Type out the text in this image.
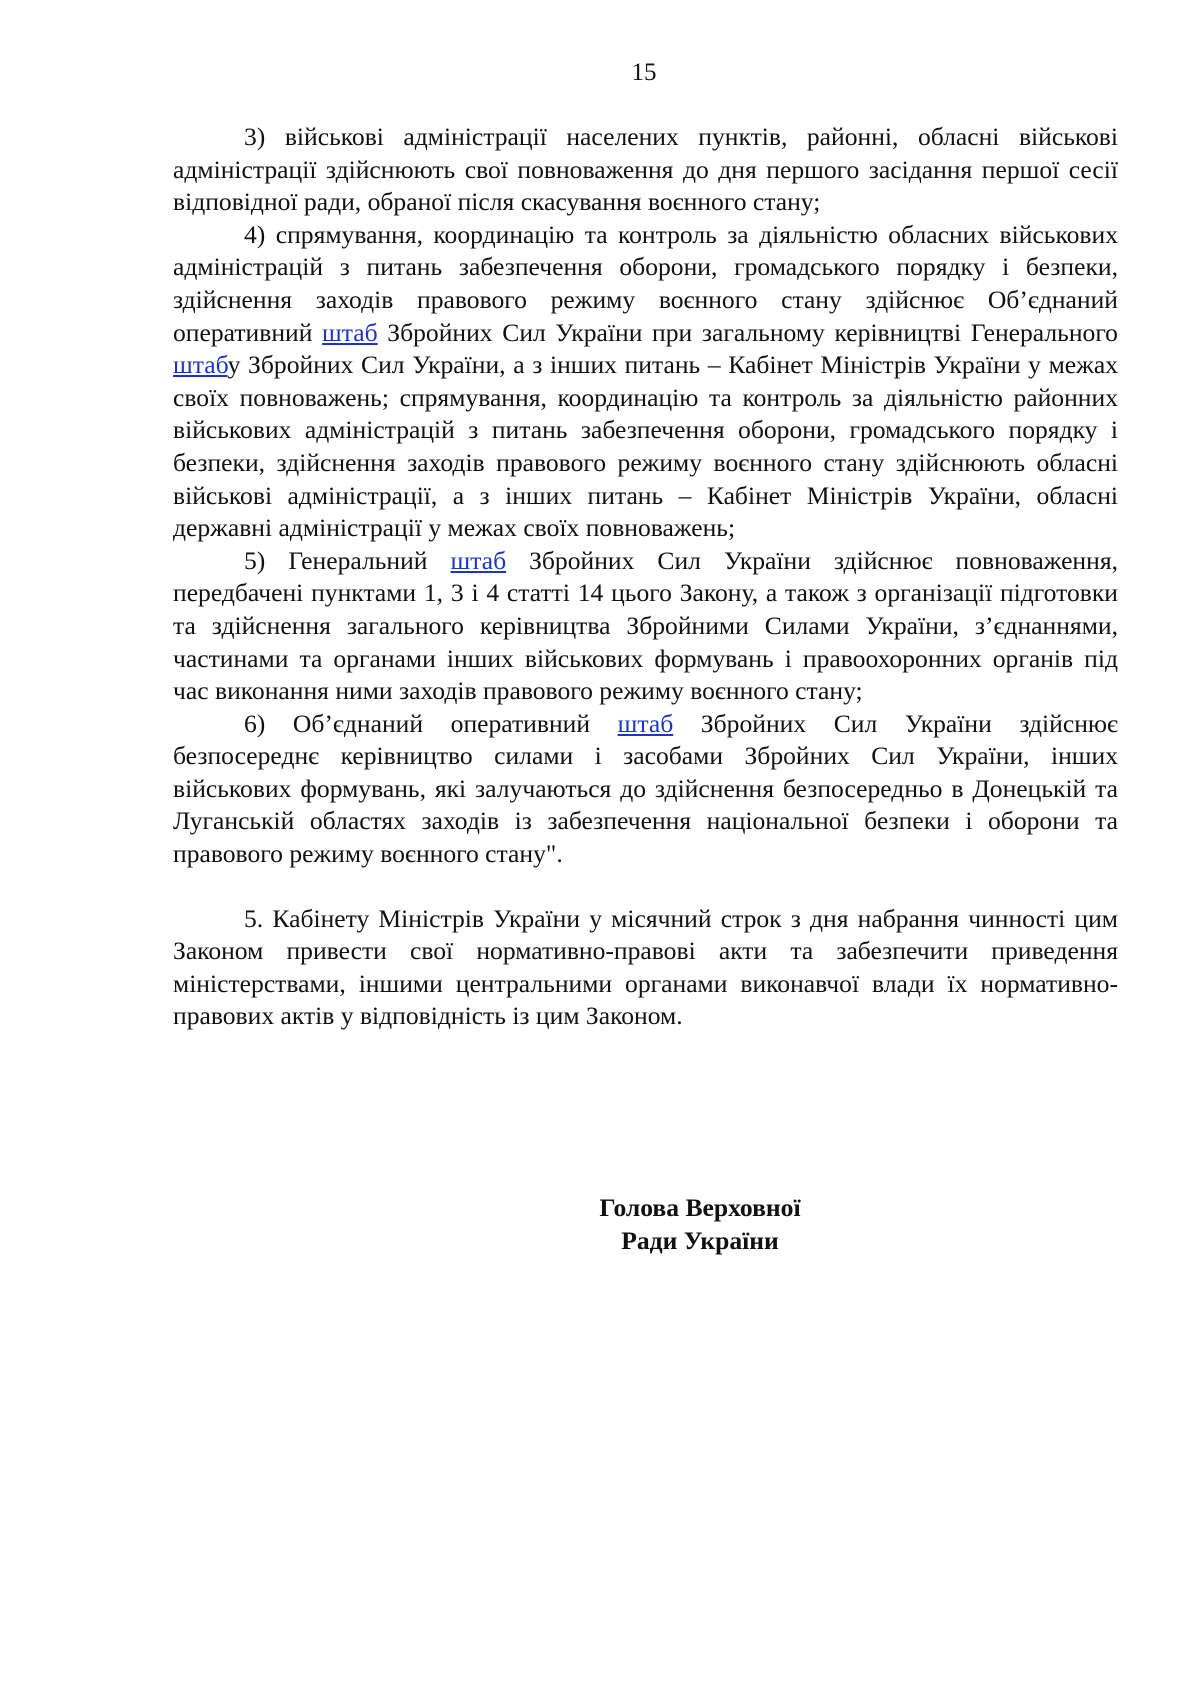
15

3) військові адміністрації населених пунктів, районні, обласні військові адміністрації здійснюють свої повноваження до дня першого засідання першої сесії відповідної ради, обраної після скасування воєнного стану;

4) спрямування, координацію та контроль за діяльністю обласних військових адміністрацій з питань забезпечення оборони, громадського порядку і безпеки, здійснення заходів правового режиму воєнного стану здійснює Об’єднаний оперативний штаб Збройних Сил України при загальному керівництві Генерального штабу Збройних Сил України, а з інших питань – Кабінет Міністрів України у межах своїх повноважень; спрямування, координацію та контроль за діяльністю районних військових адміністрацій з питань забезпечення оборони, громадського порядку і безпеки, здійснення заходів правового режиму воєнного стану здійснюють обласні військові адміністрації, а з інших питань – Кабінет Міністрів України, обласні державні адміністрації у межах своїх повноважень;

5) Генеральний штаб Збройних Сил України здійснює повноваження, передбачені пунктами 1, 3 і 4 статті 14 цього Закону, а також з організації підготовки та здійснення загального керівництва Збройними Силами України, з’єднаннями, частинами та органами інших військових формувань і правоохоронних органів під час виконання ними заходів правового режиму воєнного стану;

6) Об’єднаний оперативний штаб Збройних Сил України здійснює безпосереднє керівництво силами і засобами Збройних Сил України, інших військових формувань, які залучаються до здійснення безпосередньо в Донецькій та Луганській областях заходів із забезпечення національної безпеки і оборони та правового режиму воєнного стану".

5. Кабінету Міністрів України у місячний строк з дня набрання чинності цим Законом привести свої нормативно-правові акти та забезпечити приведення міністерствами, іншими центральними органами виконавчої влади їх нормативно-правових актів у відповідність із цим Законом.

Голова Верховної
Ради України
